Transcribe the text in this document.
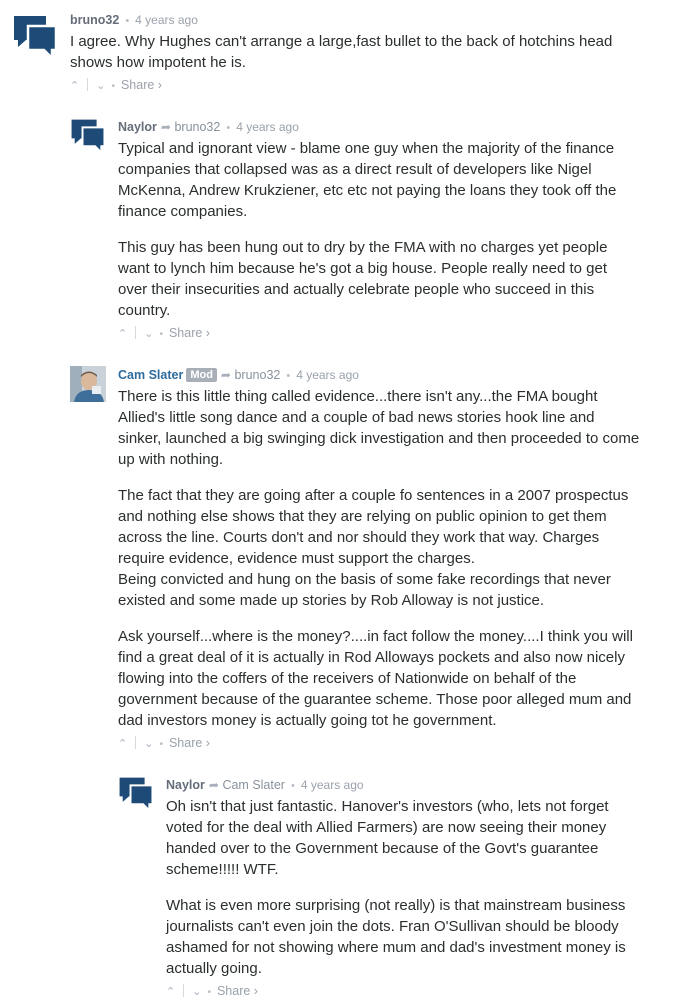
bruno32 • 4 years ago

I agree. Why Hughes can't arrange a large,fast bullet to the back of hotchins head shows how impotent he is.

⌃ ⌄ • Share ›
Naylor ➦ bruno32 • 4 years ago

Typical and ignorant view - blame one guy when the majority of the finance companies that collapsed was as a direct result of developers like Nigel McKenna, Andrew Krukziener, etc etc not paying the loans they took off the finance companies.

This guy has been hung out to dry by the FMA with no charges yet people want to lynch him because he's got a big house. People really need to get over their insecurities and actually celebrate people who succeed in this country.

⌃ ⌄ • Share ›
Cam Slater Mod ➦ bruno32 • 4 years ago

There is this little thing called evidence...there isn't any...the FMA bought Allied's little song dance and a couple of bad news stories hook line and sinker, launched a big swinging dick investigation and then proceeded to come up with nothing.

The fact that they are going after a couple fo sentences in a 2007 prospectus and nothing else shows that they are relying on public opinion to get them across the line. Courts don't and nor should they work that way. Charges require evidence, evidence must support the charges.
Being convicted and hung on the basis of some fake recordings that never existed and some made up stories by Rob Alloway is not justice.

Ask yourself...where is the money?....in fact follow the money....I think you will find a great deal of it is actually in Rod Alloways pockets and also now nicely flowing into the coffers of the receivers of Nationwide on behalf of the government because of the guarantee scheme. Those poor alleged mum and dad investors money is actually going tot he government.

⌃ ⌄ • Share ›
Naylor ➦ Cam Slater • 4 years ago

Oh isn't that just fantastic. Hanover's investors (who, lets not forget voted for the deal with Allied Farmers) are now seeing their money handed over to the Government because of the Govt's guarantee scheme!!!!! WTF.

What is even more surprising (not really) is that mainstream business journalists can't even join the dots. Fran O'Sullivan should be bloody ashamed for not showing where mum and dad's investment money is actually going.

⌃ ⌄ • Share ›
